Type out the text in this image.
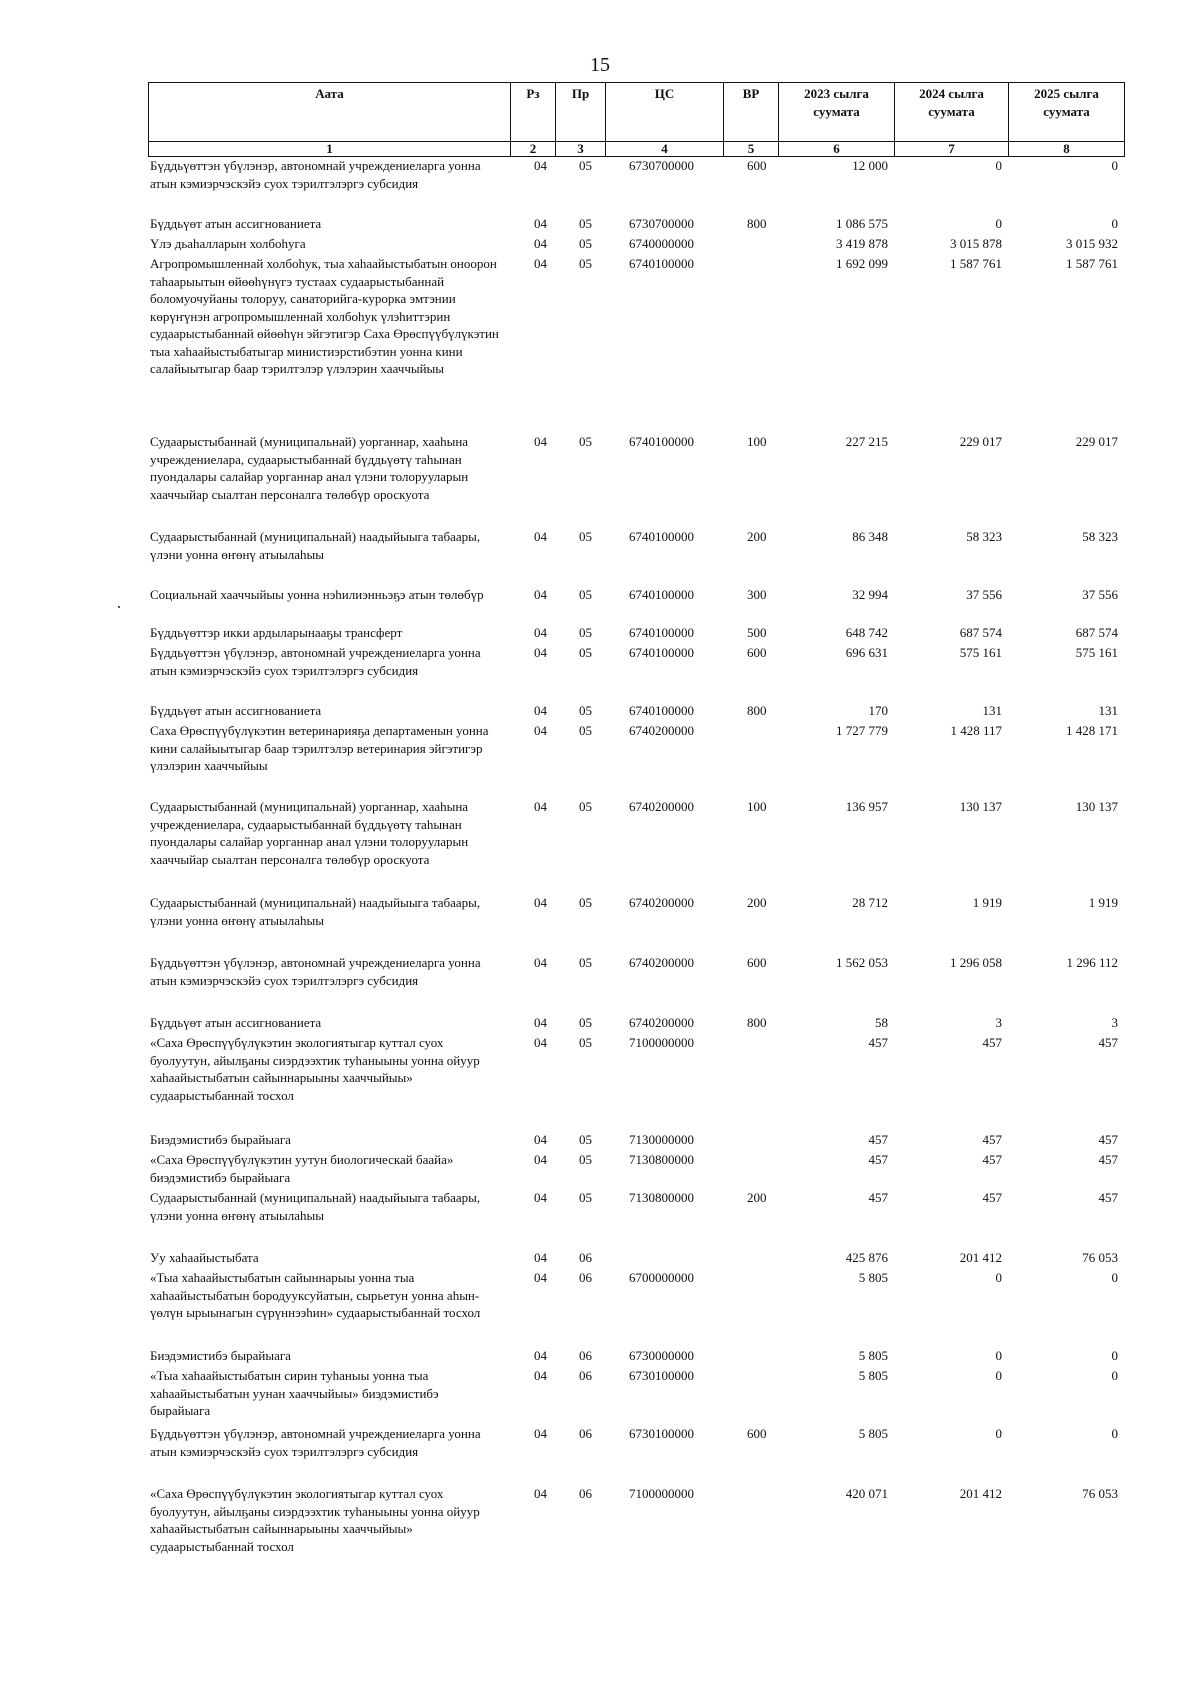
15
Аата	Рз	Пр	ЦС	ВР	2023 сылга суумата	2024 сылга суумата	2025 сылга суумата
1	2	3	4	5	6	7	8
Бүддьүөттэн үбүлэнэр, автономнай учреждениеларга уонна атын кэмиэрчэскэйэ суох тэрилтэлэргэ субсидия	04	05	6730700000	600	12 000	0	0
Бүддьүөт атын ассигнованиета	04	05	6730700000	800	1 086 575	0	0
Үлэ дьаһалларын холбоһуга	04	05	6740000000		3 419 878	3 015 878	3 015 932
Агропромышленнай холбоһук, тыа хаһаайыстыбатын оноорон таһаарыытын өйөөһүнүгэ тустаах судаарыстыбаннай боломуочуйаны толоруу, санаторийга-курорка эмтэнии көрүҥүнэн агропромышленнай холбоһук үлэһиттэрин судаарыстыбаннай өйөөһүн эйгэтигэр Саха Өрөспүүбүлүкэтин тыа хаһаайыстыбатыгар министиэрстибэтин уонна кини салайыытыгар баар тэрилтэлэр үлэлэрин хааччыйыы	04	05	6740100000		1 692 099	1 587 761	1 587 761
Судаарыстыбаннай (муниципальнай) уорганнар, хааһына учреждениелара, судаарыстыбаннай бүддьүөтү таһынан пуондалары салайар уорганнар анал үлэни толорууларын хааччыйар сыалтан персоналга төлөбүр ороскуота	04	05	6740100000	100	227 215	229 017	229 017
Судаарыстыбаннай (муниципальнай) наадыйыыга табаары, үлэни уонна өҥөнү атыылаһыы	04	05	6740100000	200	86 348	58 323	58 323
Социальнай хааччыйыы уонна нэһилиэнньэҕэ атын төлөбүр	04	05	6740100000	300	32 994	37 556	37 556
Бүддьүөттэр икки ардыларынааҕы трансферт	04	05	6740100000	500	648 742	687 574	687 574
Бүддьүөттэн үбүлэнэр, автономнай учреждениеларга уонна атын кэмиэрчэскэйэ суох тэрилтэлэргэ субсидия	04	05	6740100000	600	696 631	575 161	575 161
Бүддьүөт атын ассигнованиета	04	05	6740100000	800	170	131	131
Саха Өрөспүүбүлүкэтин ветеринарияҕа департаменын уонна кини салайыытыгар баар тэрилтэлэр ветеринария эйгэтигэр үлэлэрин хааччыйыы	04	05	6740200000		1 727 779	1 428 117	1 428 171
Судаарыстыбаннай (муниципальнай) уорганнар, хааһына учреждениелара, судаарыстыбаннай бүддьүөтү таһынан пуондалары салайар уорганнар анал үлэни толорууларын хааччыйар сыалтан персоналга төлөбүр ороскуота	04	05	6740200000	100	136 957	130 137	130 137
Судаарыстыбаннай (муниципальнай) наадыйыыга табаары, үлэни уонна өҥөнү атыылаһыы	04	05	6740200000	200	28 712	1 919	1 919
Бүддьүөттэн үбүлэнэр, автономнай учреждениеларга уонна атын кэмиэрчэскэйэ суох тэрилтэлэргэ субсидия	04	05	6740200000	600	1 562 053	1 296 058	1 296 112
Бүддьүөт атын ассигнованиета	04	05	6740200000	800	58	3	3
«Саха Өрөспүүбүлүкэтин экологиятыгар куттал суох буолуутун, айылҕаны сиэрдээхтик туһаныыны уонна ойуур хаһаайыстыбатын сайыннарыыны хааччыйыы» судаарыстыбаннай тосхол	04	05	7100000000		457	457	457
Биэдэмистибэ бырайыага	04	05	7130000000		457	457	457
«Саха Өрөспүүбүлүкэтин уутун биологическай баайа» биэдэмистибэ бырайыага	04	05	7130800000		457	457	457
Судаарыстыбаннай (муниципальнай) наадыйыыга табаары, үлэни уонна өҥөнү атыылаһыы	04	05	7130800000	200	457	457	457
Уу хаһаайыстыбата	04	06			425 876	201 412	76 053
«Тыа хаһаайыстыбатын сайыннарыы уонна тыа хаһаайыстыбатын бородууксуйатын, сырьетун уонна аһын-үөлүн ырыынагын сүрүннээһин» судаарыстыбаннай тосхол	04	06	6700000000		5 805	0	0
Биэдэмистибэ бырайыага	04	06	6730000000		5 805	0	0
«Тыа хаһаайыстыбатын сирин туһаныы уонна тыа хаһаайыстыбатын уунан хааччыйыы» биэдэмистибэ бырайыага	04	06	6730100000		5 805	0	0
Бүддьүөттэн үбүлэнэр, автономнай учреждениеларга уонна атын кэмиэрчэскэйэ суох тэрилтэлэргэ субсидия	04	06	6730100000	600	5 805	0	0
«Саха Өрөспүүбүлүкэтин экологиятыгар куттал суох буолуутун, айылҕаны сиэрдээхтик туһаныыны уонна ойуур хаһаайыстыбатын сайыннарыыны хааччыйыы» судаарыстыбаннай тосхол	04	06	7100000000		420 071	201 412	76 053
